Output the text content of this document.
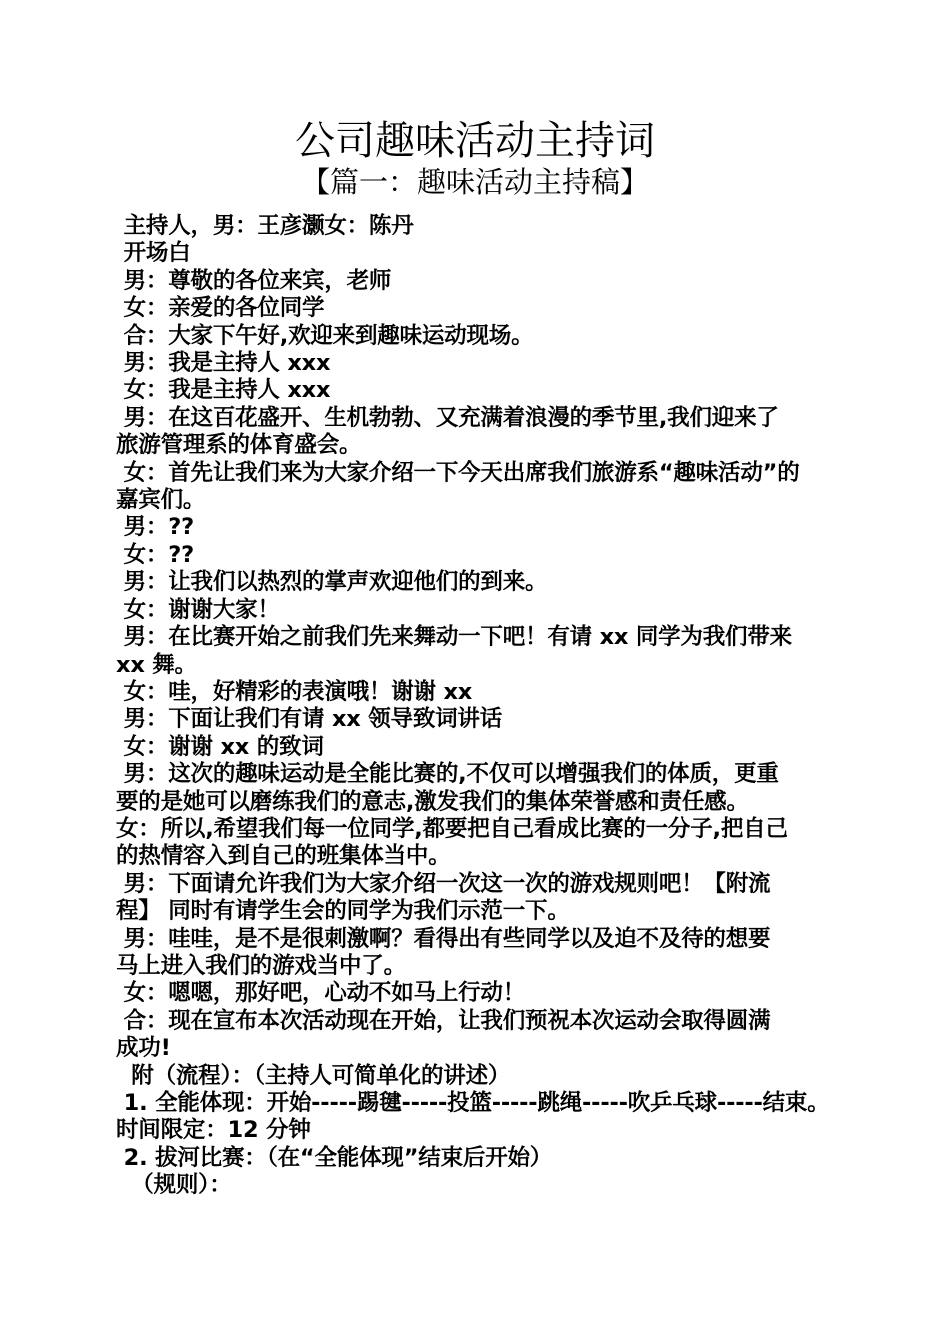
公司趣味活动主持词
【篇一：趣味活动主持稿】
主持人，男：王彦灏女：陈丹
开场白
男：尊敬的各位来宾，老师
女：亲爱的各位同学
合：大家下午好,欢迎来到趣味运动现场。
男：我是主持人 xxx
女：我是主持人 xxx
男：在这百花盛开、生机勃勃、又充满着浪漫的季节里,我们迎来了
旅游管理系的体育盛会。
女：首先让我们来为大家介绍一下今天出席我们旅游系“趣味活动”的
嘉宾们。
男：??
女：??
男：让我们以热烈的掌声欢迎他们的到来。
女：谢谢大家！
男：在比赛开始之前我们先来舞动一下吧！有请 xx 同学为我们带来
xx 舞。
女：哇，好精彩的表演哦！谢谢 xx
男：下面让我们有请 xx 领导致词讲话
女：谢谢 xx 的致词
男：这次的趣味运动是全能比赛的,不仅可以增强我们的体质，更重
要的是她可以磨练我们的意志,激发我们的集体荣誉感和责任感。
女：所以,希望我们每一位同学,都要把自己看成比赛的一分子,把自己
的热情容入到自己的班集体当中。
男：下面请允许我们为大家介绍一次这一次的游戏规则吧！【附流
程】 同时有请学生会的同学为我们示范一下。
男：哇哇，是不是很刺激啊？看得出有些同学以及迫不及待的想要
马上进入我们的游戏当中了。
女：嗯嗯，那好吧，心动不如马上行动！
合：现在宣布本次活动现在开始，让我们预祝本次运动会取得圆满
成功!
附（流程）：（主持人可简单化的讲述）
1. 全能体现：开始-----踢毽-----投篮-----跳绳-----吹乒乓球-----结束。
时间限定：12 分钟
2. 拔河比赛：（在“全能体现”结束后开始）
（规则）：
